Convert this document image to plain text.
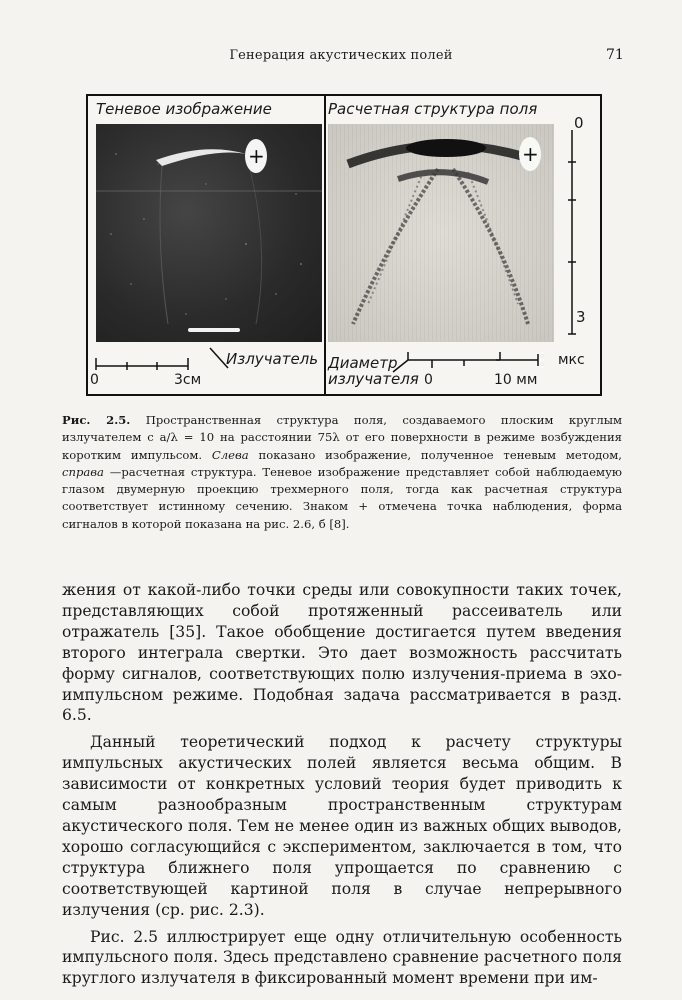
Генерация акустических полей	71
Теневое изображение	Расчетная структура поля
+	+
0
3
мкс
0	3см
Излучатель Диаметр
излучателя 0	10 мм
Рис. 2.5. Пространственная структура поля, создаваемого плоским круглым излучателем с a/λ = 10 на расстоянии 75λ от его поверхности в режиме возбуждения коротким импульсом. Слева показано изображение, полученное теневым методом, справа —расчетная структура. Теневое изображение представляет собой наблюдаемую глазом двумерную проекцию трехмерного поля, тогда как расчетная структура соответствует истинному сечению. Знаком + отмечена точка наблюдения, форма сигналов в которой показана на рис. 2.6, б [8].

жения от какой-либо точки среды или совокупности таких точек, представляющих собой протяженный рассеиватель или отражатель [35]. Такое обобщение достигается путем введения второго интеграла свертки. Это дает возможность рассчитать форму сигналов, соответствующих полю излучения-приема в эхо-импульсном режиме. Подобная задача рассматривается в разд. 6.5.

Данный теоретический подход к расчету структуры импульсных акустических полей является весьма общим. В зависимости от конкретных условий теория будет приводить к самым разнообразным пространственным структурам акустического поля. Тем не менее один из важных общих выводов, хорошо согласующийся с экспериментом, заключается в том, что структура ближнего поля упрощается по сравнению с соответствующей картиной поля в случае непрерывного излучения (ср. рис. 2.3).

Рис. 2.5 иллюстрирует еще одну отличительную особенность импульсного поля. Здесь представлено сравнение расчетного поля круглого излучателя в фиксированный момент времени при им-
